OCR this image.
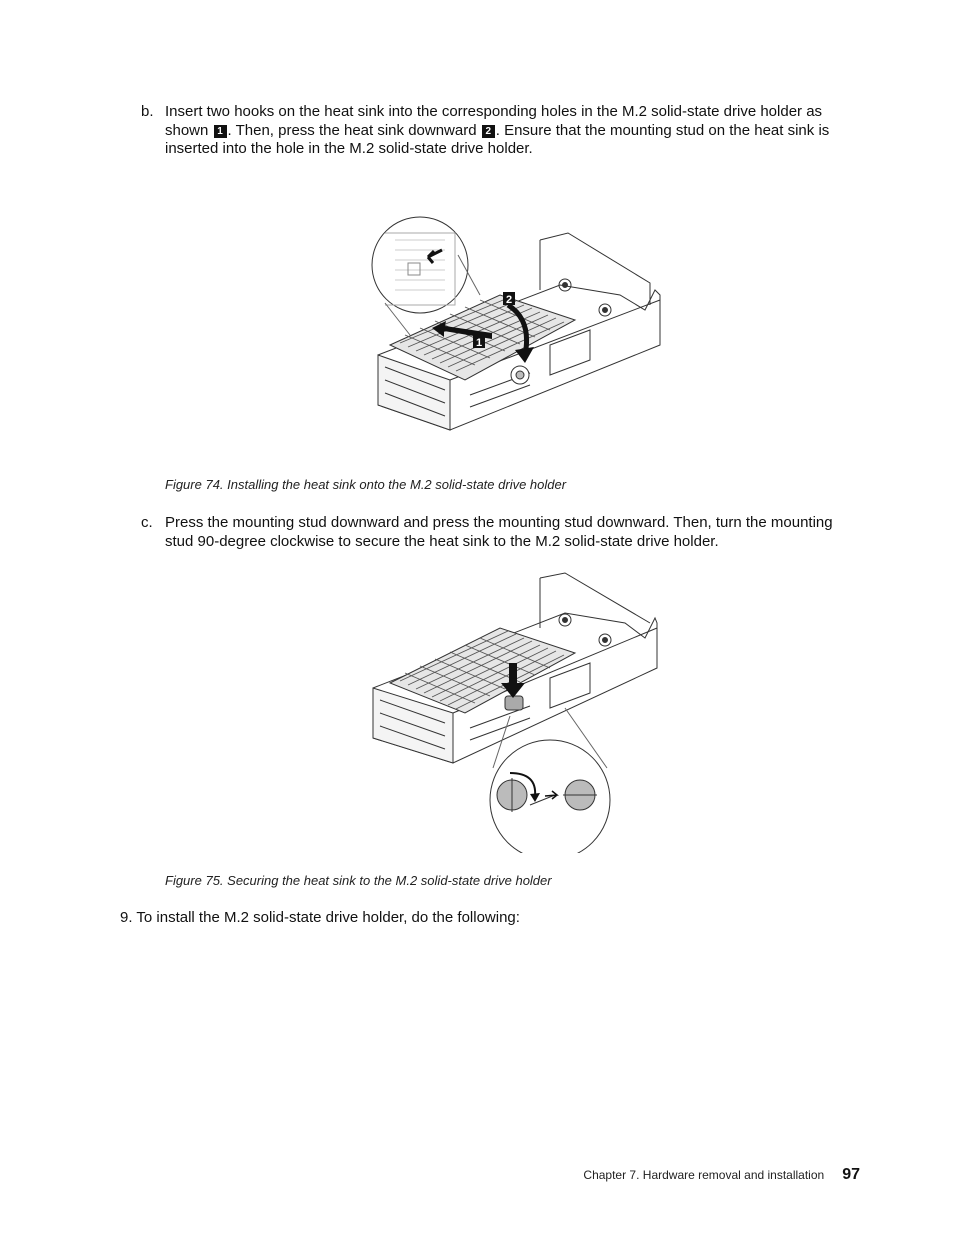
b. Insert two hooks on the heat sink into the corresponding holes in the M.2 solid-state drive holder as shown 1 . Then, press the heat sink downward 2 . Ensure that the mounting stud on the heat sink is inserted into the hole in the M.2 solid-state drive holder.
1
2
Figure 74. Installing the heat sink onto the M.2 solid-state drive holder
c. Press the mounting stud downward and press the mounting stud downward. Then, turn the mounting stud 90-degree clockwise to secure the heat sink to the M.2 solid-state drive holder.
Figure 75. Securing the heat sink to the M.2 solid-state drive holder
9. To install the M.2 solid-state drive holder, do the following:
Chapter 7. Hardware removal and installation 97
